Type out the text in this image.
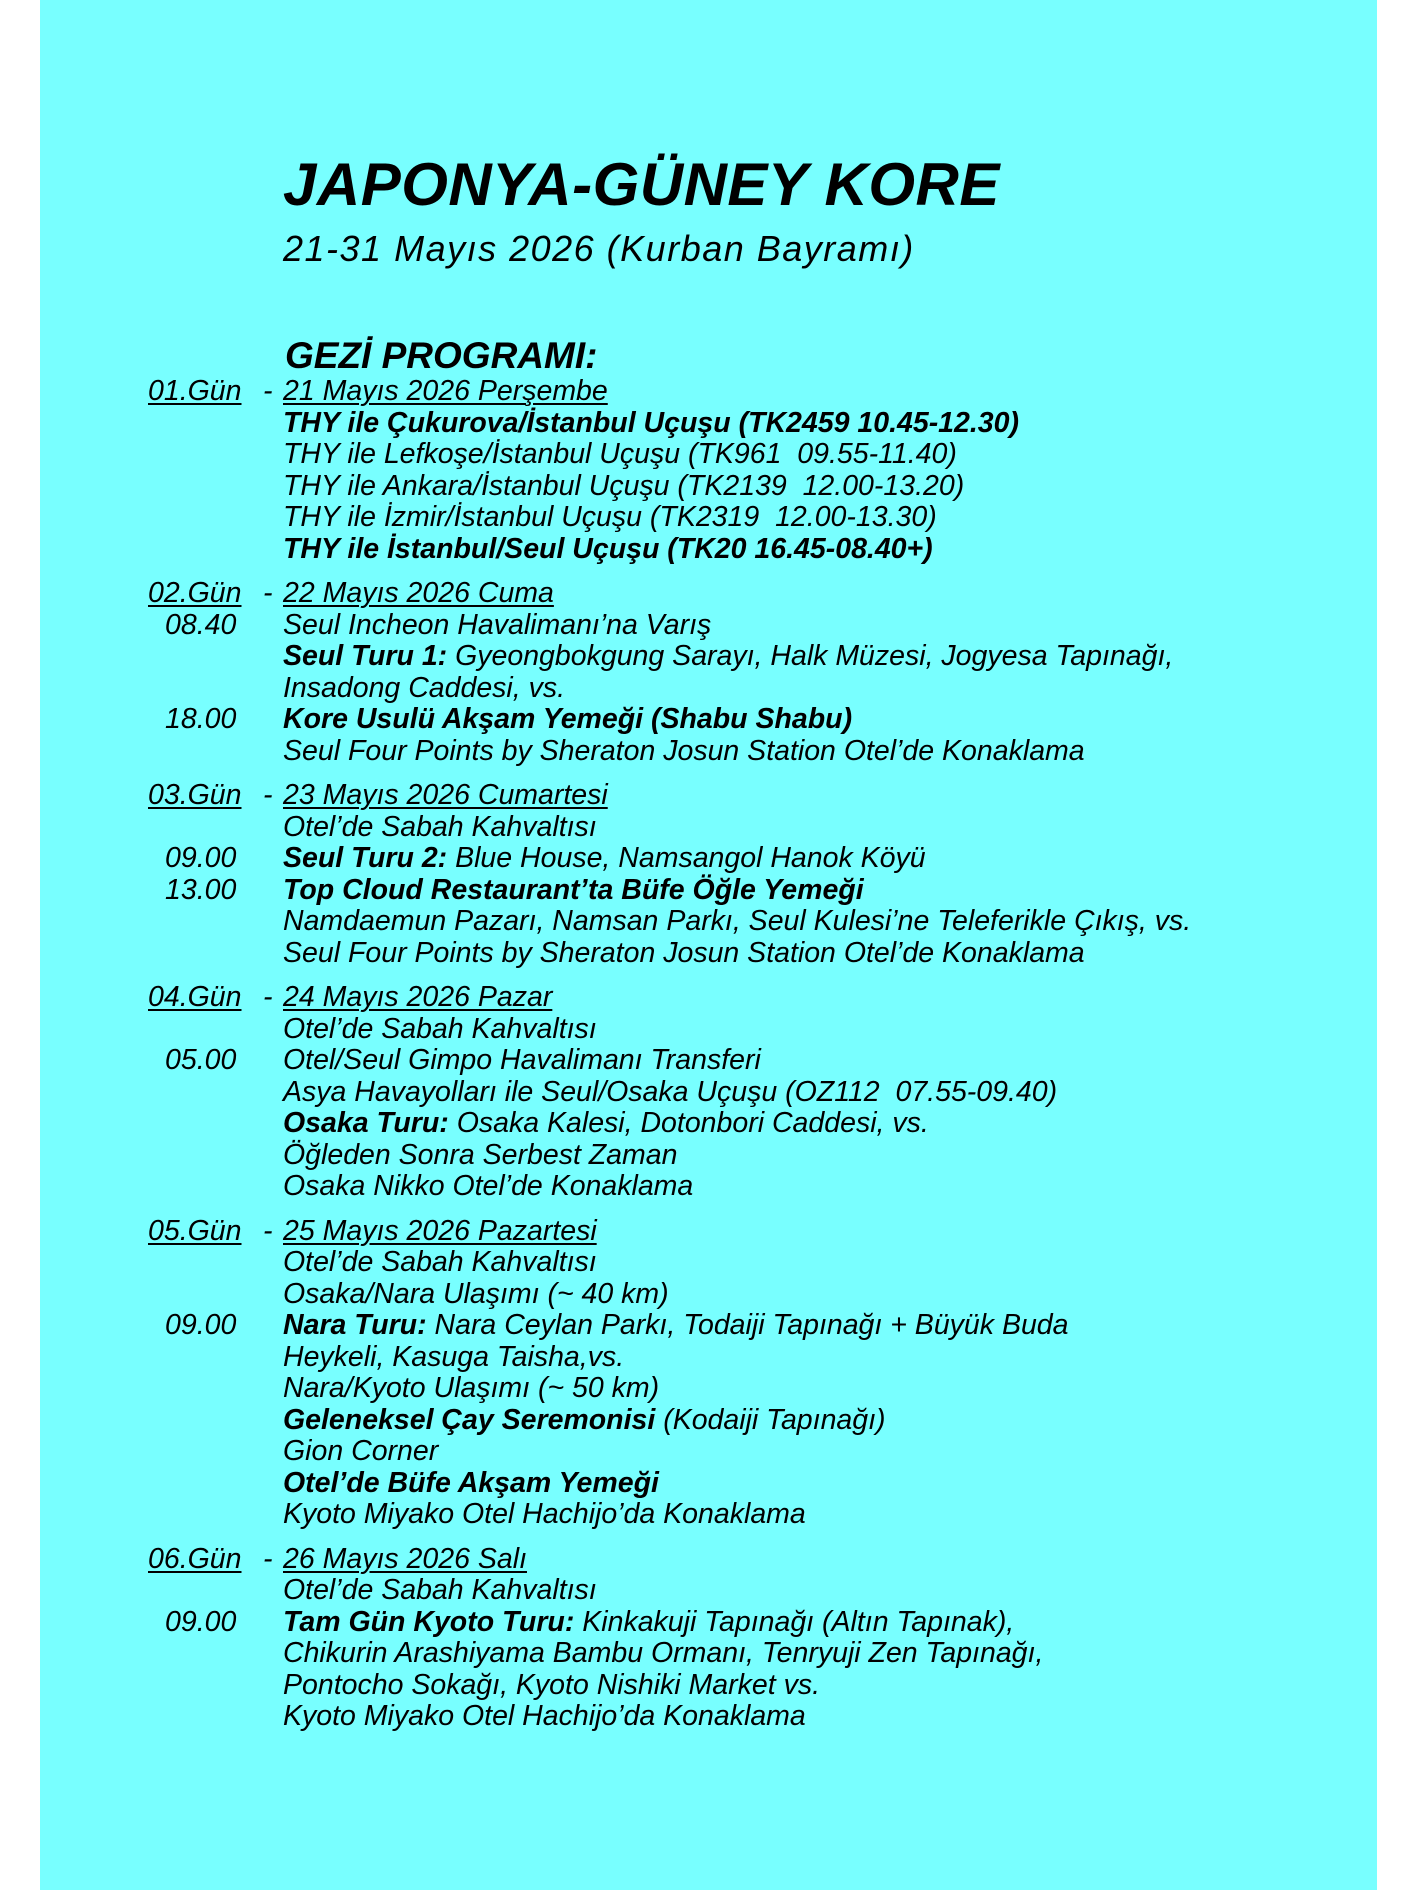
JAPONYA-GÜNEY KORE
21-31 Mayıs 2026 (Kurban Bayramı)
GEZİ PROGRAMI:
01.Gün - 21 Mayıs 2026 Perşembe
THY ile Çukurova/İstanbul Uçuşu (TK2459 10.45-12.30)
THY ile Lefkoşe/İstanbul Uçuşu (TK961  09.55-11.40)
THY ile Ankara/İstanbul Uçuşu (TK2139  12.00-13.20)
THY ile İzmir/İstanbul Uçuşu (TK2319  12.00-13.30)
THY ile İstanbul/Seul Uçuşu (TK20 16.45-08.40+)
02.Gün - 22 Mayıs 2026 Cuma
08.40 Seul Incheon Havalimanı’na Varış
Seul Turu 1: Gyeongbokgung Sarayı, Halk Müzesi, Jogyesa Tapınağı,
Insadong Caddesi, vs.
18.00 Kore Usulü Akşam Yemeği (Shabu Shabu)
Seul Four Points by Sheraton Josun Station Otel’de Konaklama
03.Gün - 23 Mayıs 2026 Cumartesi
Otel’de Sabah Kahvaltısı
09.00 Seul Turu 2: Blue House, Namsangol Hanok Köyü
13.00 Top Cloud Restaurant’ta Büfe Öğle Yemeği
Namdaemun Pazarı, Namsan Parkı, Seul Kulesi’ne Teleferikle Çıkış, vs.
Seul Four Points by Sheraton Josun Station Otel’de Konaklama
04.Gün - 24 Mayıs 2026 Pazar
Otel’de Sabah Kahvaltısı
05.00 Otel/Seul Gimpo Havalimanı Transferi
Asya Havayolları ile Seul/Osaka Uçuşu (OZ112  07.55-09.40)
Osaka Turu: Osaka Kalesi, Dotonbori Caddesi, vs.
Öğleden Sonra Serbest Zaman
Osaka Nikko Otel’de Konaklama
05.Gün - 25 Mayıs 2026 Pazartesi
Otel’de Sabah Kahvaltısı
Osaka/Nara Ulaşımı (~ 40 km)
09.00 Nara Turu: Nara Ceylan Parkı, Todaiji Tapınağı + Büyük Buda
Heykeli, Kasuga Taisha,vs.
Nara/Kyoto Ulaşımı (~ 50 km)
Geleneksel Çay Seremonisi (Kodaiji Tapınağı)
Gion Corner
Otel’de Büfe Akşam Yemeği
Kyoto Miyako Otel Hachijo’da Konaklama
06.Gün - 26 Mayıs 2026 Salı
Otel’de Sabah Kahvaltısı
09.00 Tam Gün Kyoto Turu: Kinkakuji Tapınağı (Altın Tapınak),
Chikurin Arashiyama Bambu Ormanı, Tenryuji Zen Tapınağı,
Pontocho Sokağı, Kyoto Nishiki Market vs.
Kyoto Miyako Otel Hachijo’da Konaklama
